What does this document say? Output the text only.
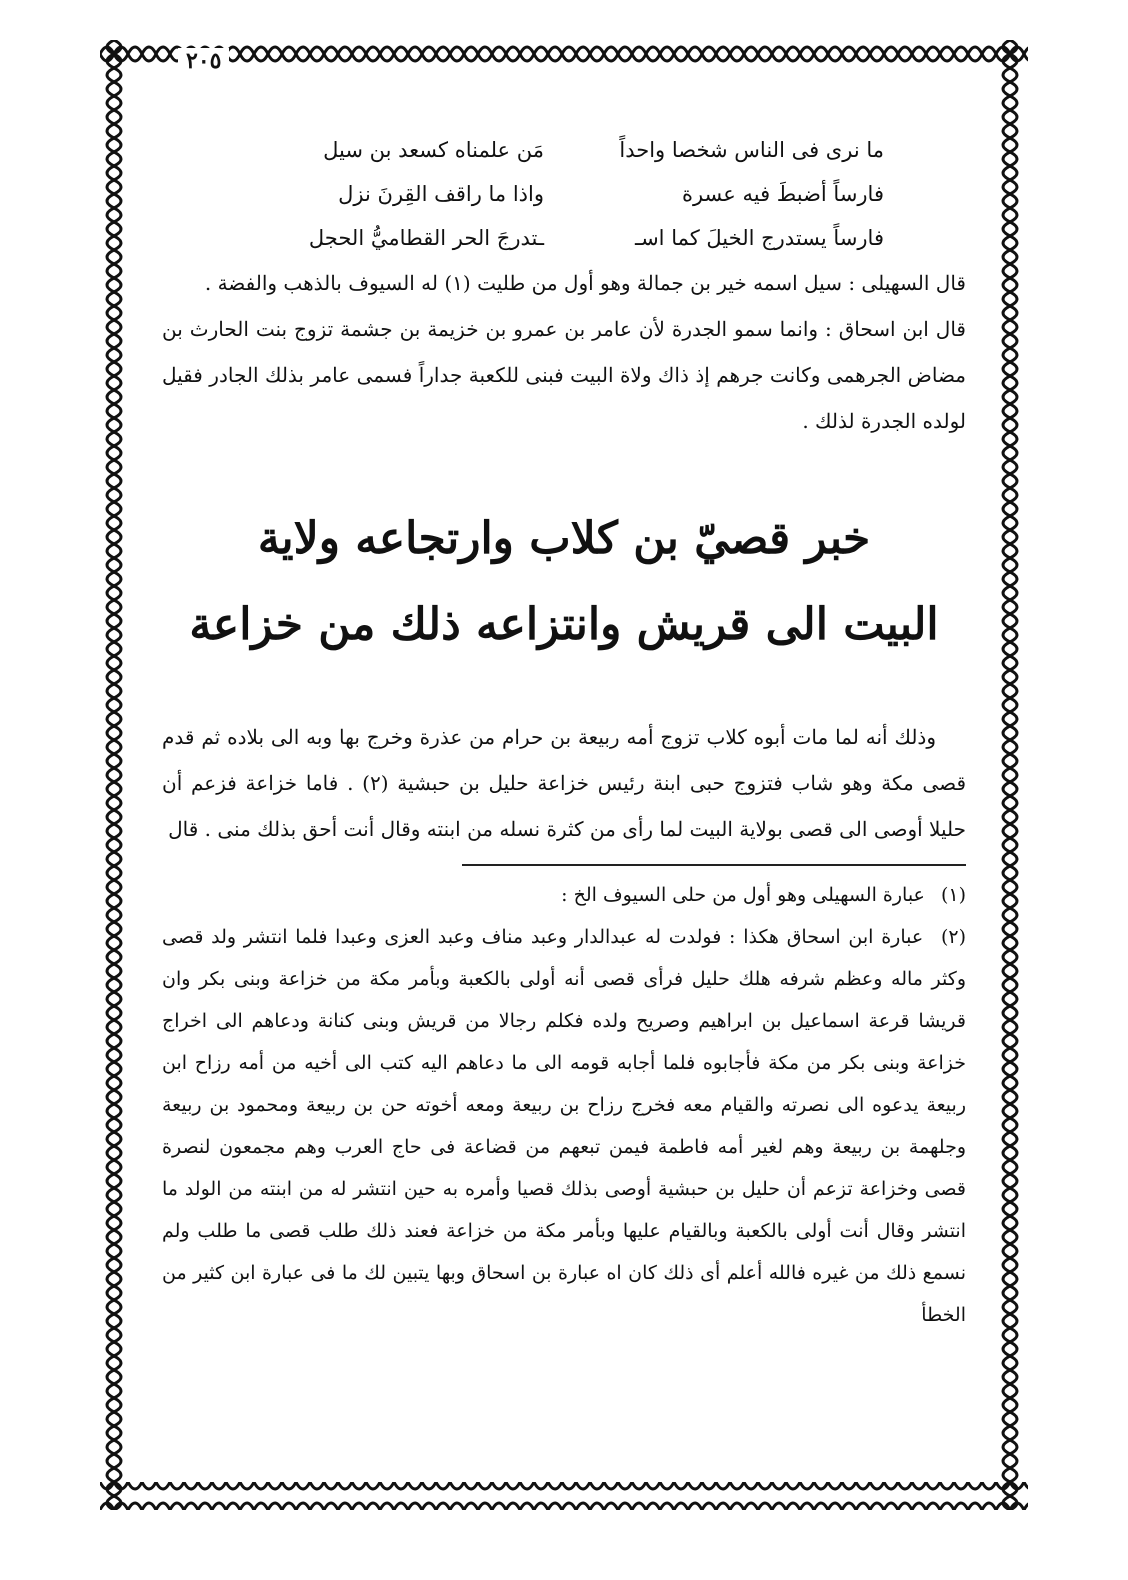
٢٠٥
ما نرى فى الناس شخصا واحداً
مَن علمناه كسعد بن سيل
فارساً أضبطَ فيه عسرة
واذا ما راقف القِرنَ نزل
فارساً يستدرج الخيلَ كما اسـ
ـتدرجَ الحر القطاميُّ الحجل

قال السهيلى : سيل اسمه خير بن جمالة وهو أول من طليت (١) له السيوف بالذهب والفضة .

قال ابن اسحاق : وانما سمو الجدرة لأن عامر بن عمرو بن خزيمة بن جشمة تزوج بنت الحارث بن مضاض الجرهمى وكانت جرهم إذ ذاك ولاة البيت فبنى للكعبة جداراً فسمى عامر بذلك الجادر فقيل لولده الجدرة لذلك .

خبر قصيّ بن كلاب وارتجاعه ولاية
البيت الى قريش وانتزاعه ذلك من خزاعة

وذلك أنه لما مات أبوه كلاب تزوج أمه ربيعة بن حرام من عذرة وخرج بها وبه الى بلاده ثم قدم قصى مكة وهو شاب فتزوج حبى ابنة رئيس خزاعة حليل بن حبشية (٢) . فاما خزاعة فزعم أن حليلا أوصى الى قصى بولاية البيت لما رأى من كثرة نسله من ابنته وقال أنت أحق بذلك منى . قال

(١) عبارة السهيلى وهو أول من حلى السيوف الخ :

(٢) عبارة ابن اسحاق هكذا : فولدت له عبدالدار وعبد مناف وعبد العزى وعبدا فلما انتشر ولد قصى وكثر ماله وعظم شرفه هلك حليل فرأى قصى أنه أولى بالكعبة وبأمر مكة من خزاعة وبنى بكر وان قريشا قرعة اسماعيل بن ابراهيم وصريح ولده فكلم رجالا من قريش وبنى كنانة ودعاهم الى اخراج خزاعة وبنى بكر من مكة فأجابوه فلما أجابه قومه الى ما دعاهم اليه كتب الى أخيه من أمه رزاح ابن ربيعة يدعوه الى نصرته والقيام معه فخرج رزاح بن ربيعة ومعه أخوته حن بن ربيعة ومحمود بن ربيعة وجلهمة بن ربيعة وهم لغير أمه فاطمة فيمن تبعهم من قضاعة فى حاج العرب وهم مجمعون لنصرة قصى وخزاعة تزعم أن حليل بن حبشية أوصى بذلك قصيا وأمره به حين انتشر له من ابنته من الولد ما انتشر وقال أنت أولى بالكعبة وبالقيام عليها وبأمر مكة من خزاعة فعند ذلك طلب قصى ما طلب ولم نسمع ذلك من غيره فالله أعلم أى ذلك كان اه عبارة بن اسحاق وبها يتبين لك ما فى عبارة ابن كثير من الخطأ
